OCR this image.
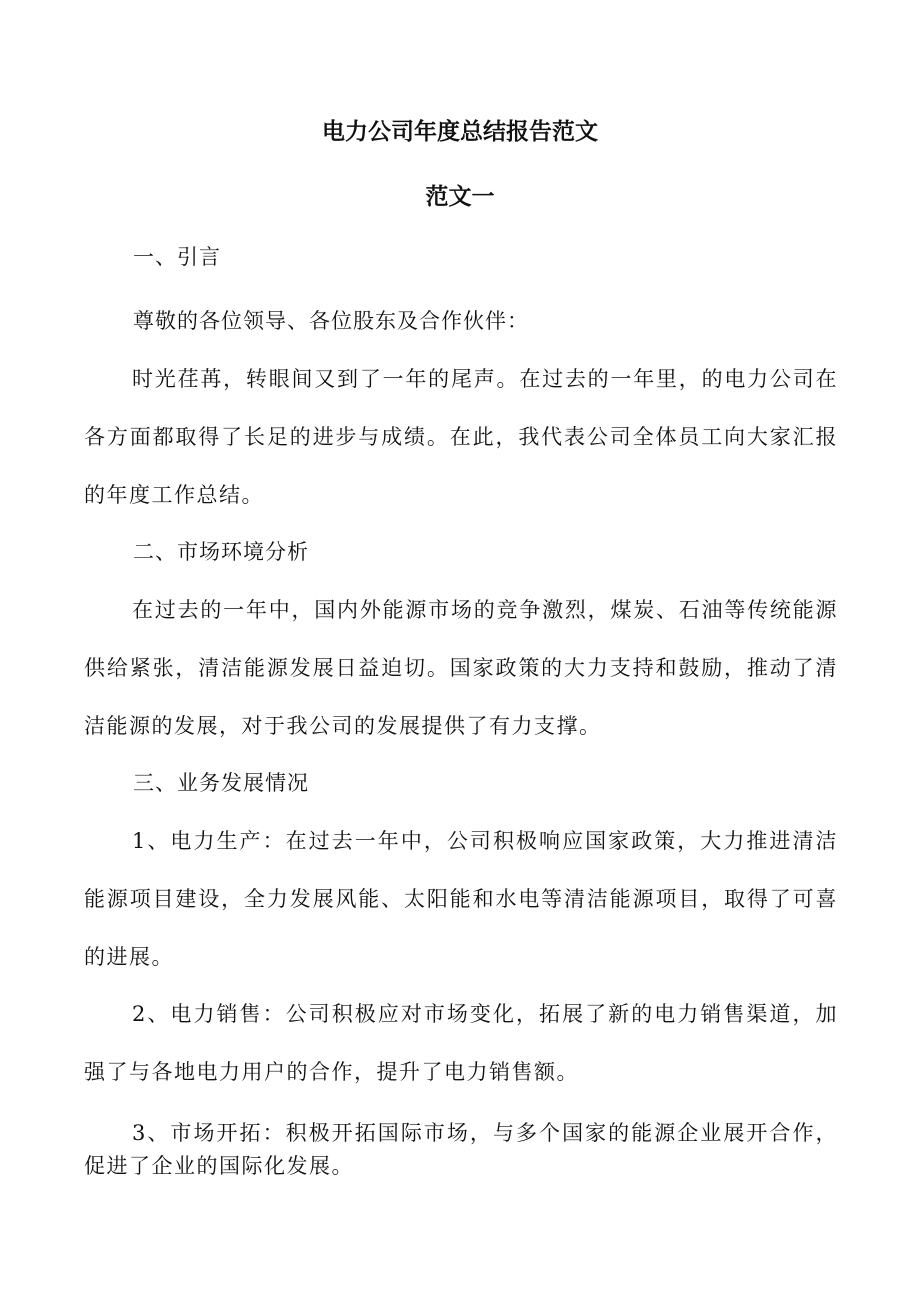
电力公司年度总结报告范文
范文一

一、引言

尊敬的各位领导、各位股东及合作伙伴：

时光荏苒，转眼间又到了一年的尾声。在过去的一年里，的电力公司在各方面都取得了长足的进步与成绩。在此，我代表公司全体员工向大家汇报的年度工作总结。

二、市场环境分析

在过去的一年中，国内外能源市场的竞争激烈，煤炭、石油等传统能源供给紧张，清洁能源发展日益迫切。国家政策的大力支持和鼓励，推动了清洁能源的发展，对于我公司的发展提供了有力支撑。

三、业务发展情况

1、电力生产：在过去一年中，公司积极响应国家政策，大力推进清洁能源项目建设，全力发展风能、太阳能和水电等清洁能源项目，取得了可喜的进展。

2、电力销售：公司积极应对市场变化，拓展了新的电力销售渠道，加强了与各地电力用户的合作，提升了电力销售额。

3、市场开拓：积极开拓国际市场，与多个国家的能源企业展开合作，促进了企业的国际化发展。
